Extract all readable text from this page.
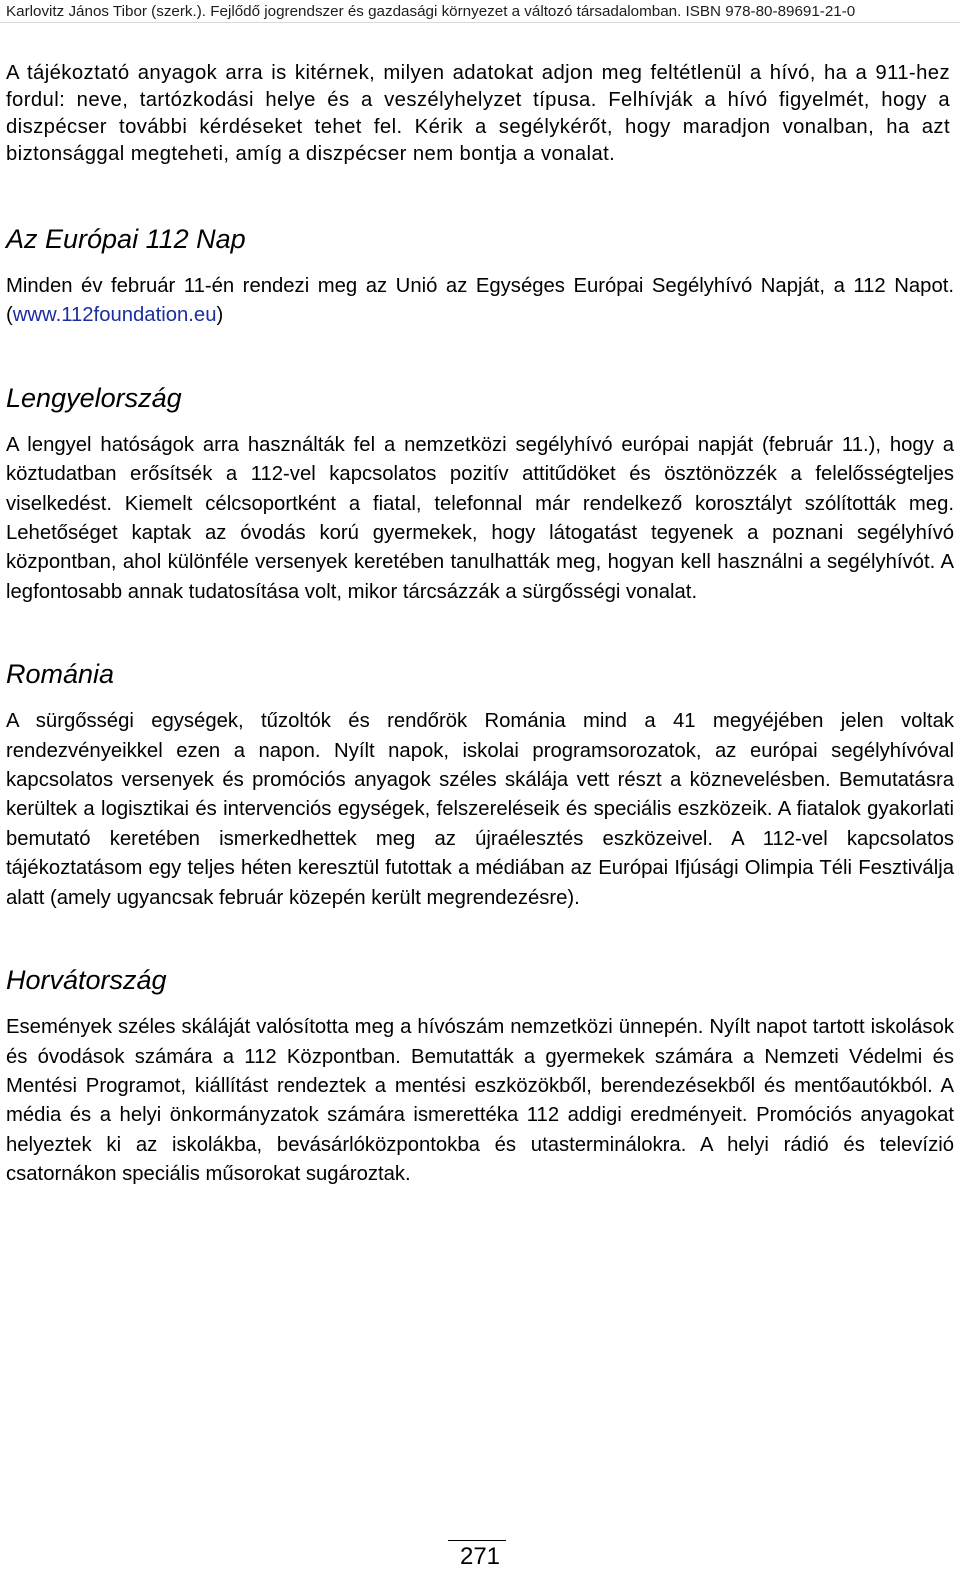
Karlovitz János Tibor (szerk.). Fejlődő jogrendszer és gazdasági környezet a változó társadalomban. ISBN 978-80-89691-21-0

A tájékoztató anyagok arra is kitérnek, milyen adatokat adjon meg feltétlenül a hívó, ha a 911-hez fordul: neve, tartózkodási helye és a veszélyhelyzet típusa. Felhívják a hívó figyelmét, hogy a diszpécser további kérdéseket tehet fel. Kérik a segélykérőt, hogy maradjon vonalban, ha azt biztonsággal megteheti, amíg a diszpécser nem bontja a vonalat.

Az Európai 112 Nap

Minden év február 11-én rendezi meg az Unió az Egységes Európai Segélyhívó Napját, a 112 Napot. (www.112foundation.eu)

Lengyelország

A lengyel hatóságok arra használták fel a nemzetközi segélyhívó európai napját (február 11.), hogy a köztudatban erősítsék a 112-vel kapcsolatos pozitív attitűdöket és ösztönözzék a felelősségteljes viselkedést. Kiemelt célcsoportként a fiatal, telefonnal már rendelkező korosztályt szólították meg. Lehetőséget kaptak az óvodás korú gyermekek, hogy látogatást tegyenek a poznani segélyhívó központban, ahol különféle versenyek keretében tanulhatták meg, hogyan kell használni a segélyhívót. A legfontosabb annak tudatosítása volt, mikor tárcsázzák a sürgősségi vonalat.

Románia

A sürgősségi egységek, tűzoltók és rendőrök Románia mind a 41 megyéjében jelen voltak rendezvényeikkel ezen a napon. Nyílt napok, iskolai programsorozatok, az európai segélyhívóval kapcsolatos versenyek és promóciós anyagok széles skálája vett részt a köznevelésben. Bemutatásra kerültek a logisztikai és intervenciós egységek, felszereléseik és speciális eszközeik. A fiatalok gyakorlati bemutató keretében ismerkedhettek meg az újraélesztés eszközeivel. A 112-vel kapcsolatos tájékoztatásom egy teljes héten keresztül futottak a médiában az Európai Ifjúsági Olimpia Téli Fesztiválja alatt (amely ugyancsak február közepén került megrendezésre).

Horvátország

Események széles skáláját valósította meg a hívószám nemzetközi ünnepén. Nyílt napot tartott iskolások és óvodások számára a 112 Központban. Bemutatták a gyermekek számára a Nemzeti Védelmi és Mentési Programot, kiállítást rendeztek a mentési eszközökből, berendezésekből és mentőautókból. A média és a helyi önkormányzatok számára ismerettéka 112 addigi eredményeit. Promóciós anyagokat helyeztek ki az iskolákba, bevásárlóközpontokba és utasterminálokra. A helyi rádió és televízió csatornákon speciális műsorokat sugároztak.

271
